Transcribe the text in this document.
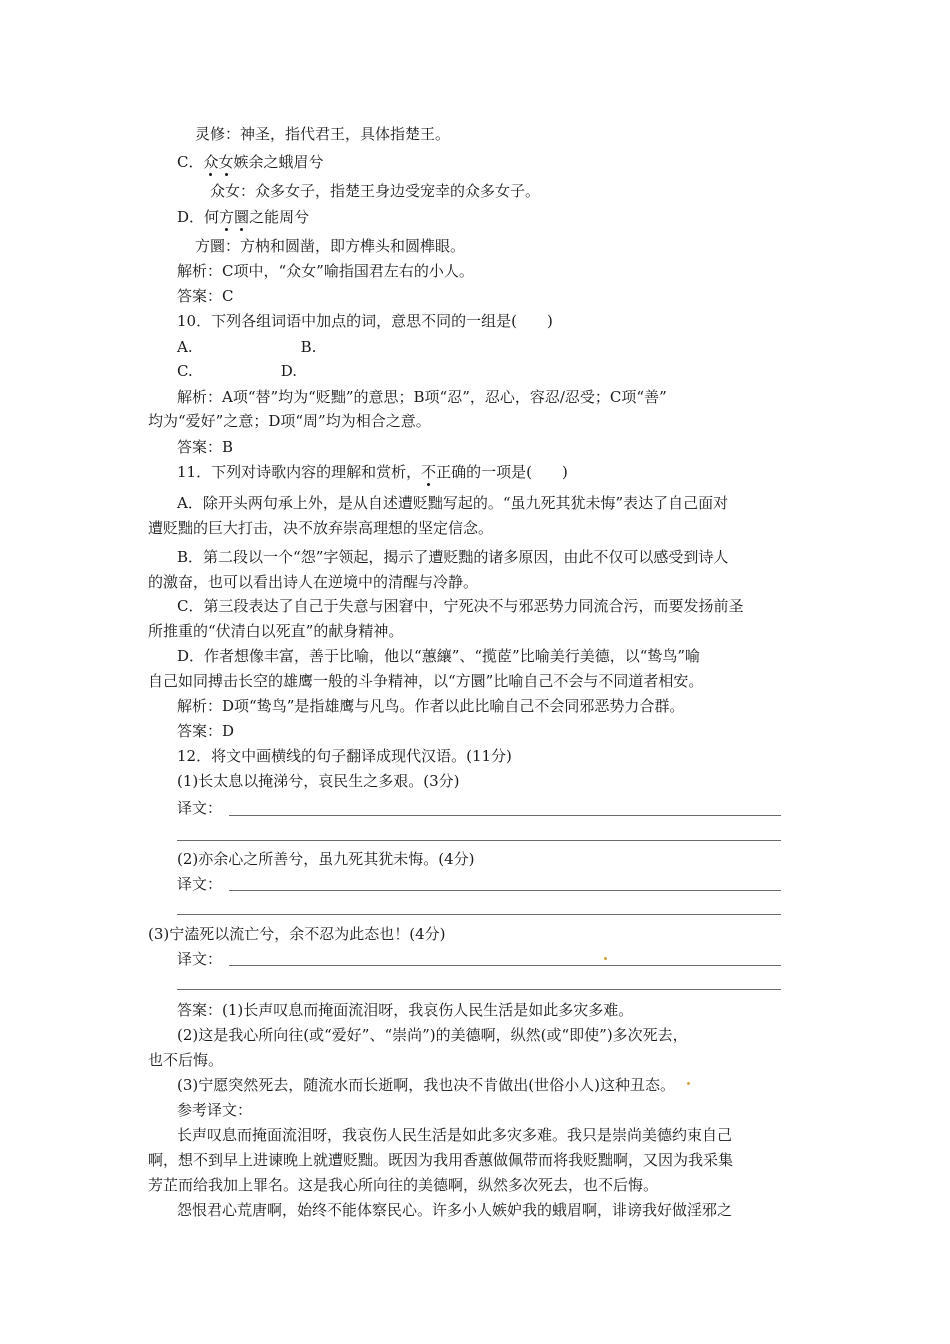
灵修：神圣，指代君王，具体指楚王。
C．众女嫉余之蛾眉兮
众女：众多女子，指楚王身边受宠幸的众多女子。
D．何方圜之能周兮
方圜：方枘和圆凿，即方榫头和圆榫眼。
解析：C项中，“众女”喻指国君左右的小人。
答案：C
10．下列各组词语中加点的词，意思不同的一组是(　　)
A.	B.
C.	D.
解析：A项“替”均为“贬黜”的意思；B项“忍”，忍心，容忍/忍受；C项“善”
均为“爱好”之意；D项“周”均为相合之意。
答案：B
11．下列对诗歌内容的理解和赏析，不正确的一项是(　　)
A．除开头两句承上外，是从自述遭贬黜写起的。“虽九死其犹未悔”表达了自己面对
遭贬黜的巨大打击，决不放弃崇高理想的坚定信念。
B．第二段以一个“怨”字领起，揭示了遭贬黜的诸多原因，由此不仅可以感受到诗人
的激奋，也可以看出诗人在逆境中的清醒与冷静。
C．第三段表达了自己于失意与困窘中，宁死决不与邪恶势力同流合污，而要发扬前圣
所推重的“伏清白以死直”的献身精神。
D．作者想像丰富，善于比喻，他以“蕙纕”、“揽茝”比喻美行美德，以“鸷鸟”喻
自己如同搏击长空的雄鹰一般的斗争精神，以“方圜”比喻自己不会与不同道者相安。
解析：D项“鸷鸟”是指雄鹰与凡鸟。作者以此比喻自己不会同邪恶势力合群。
答案：D
12．将文中画横线的句子翻译成现代汉语。(11分)
(1)长太息以掩涕兮，哀民生之多艰。(3分)
译文：
(2)亦余心之所善兮，虽九死其犹未悔。(4分)
译文：
(3)宁溘死以流亡兮，余不忍为此态也！(4分)
译文：
答案：(1)长声叹息而掩面流泪呀，我哀伤人民生活是如此多灾多难。
(2)这是我心所向往(或“爱好”、“崇尚”)的美德啊，纵然(或“即使”)多次死去，
也不后悔。
(3)宁愿突然死去，随流水而长逝啊，我也决不肯做出(世俗小人)这种丑态。
参考译文：
长声叹息而掩面流泪呀，我哀伤人民生活是如此多灾多难。我只是崇尚美德约束自己
啊，想不到早上进谏晚上就遭贬黜。既因为我用香蕙做佩带而将我贬黜啊，又因为我采集
芳芷而给我加上罪名。这是我心所向往的美德啊，纵然多次死去，也不后悔。
怨恨君心荒唐啊，始终不能体察民心。许多小人嫉妒我的蛾眉啊，诽谤我好做淫邪之
